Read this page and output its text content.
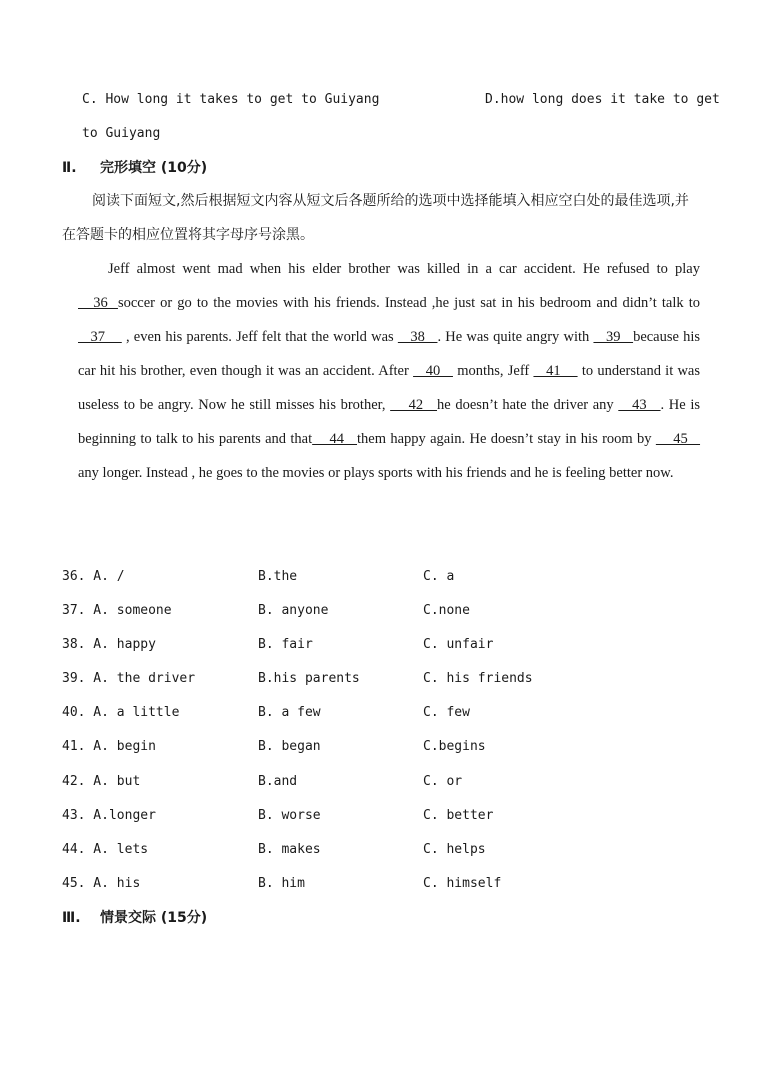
C. How long it takes to get to Guiyang	D.how long does it take to get
to Guiyang
Ⅱ. 完形填空 (10分)
阅读下面短文,然后根据短文内容从短文后各题所给的选项中选择能填入相应空白处的最佳选项,并在答题卡的相应位置将其字母序号涂黑。
Jeff almost went mad when his elder brother was killed in a car accident. He refused to play   36  soccer or go to the movies with his friends. Instead ,he just sat in his bedroom and didn’t talk to   37     , even his parents. Jeff felt that the world was    38   . He was quite angry with    39   because his car hit his brother, even though it was an accident. After    40    months, Jeff    41     to understand it was useless to be angry. Now he still misses his brother,     42   he doesn’t hate the driver any    43   . He is beginning to talk to his parents and that    44   them happy again. He doesn’t stay in his room by     45    any longer. Instead , he goes to the movies or plays sports with his friends and he is feeling better now.
36. A. /	B.the	C. a
37. A. someone	B. anyone	C.none
38. A. happy	B. fair	C. unfair
39. A. the driver	B.his parents	C. his friends
40. A. a little	B. a few	C. few
41. A. begin	B. began	C.begins
42. A. but	B.and	C. or
43. A.longer	B. worse	C. better
44. A. lets	B. makes	C. helps
45. A. his	B. him	C. himself
Ⅲ. 情景交际 (15分)
